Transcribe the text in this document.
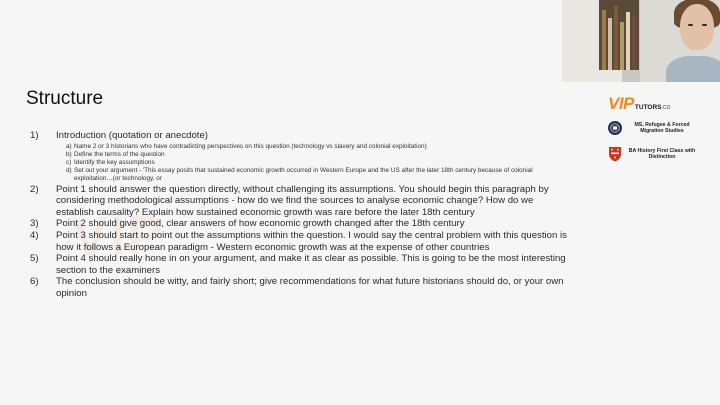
VIP
Structure
1) Introduction (quotation or anecdote)
a) Name 2 or 3 historians who have contradicting perspectives on this question (technology vs slavery and colonial exploitation)
b) Define the terms of the question
c) Identify the key assumptions
d) Set out your argument - 'This essay posits that sustained economic growth occurred in Western Europe and the US after the later 18th century because of colonial exploitation…(or technology, or
2) Point 1 should answer the question directly, without challenging its assumptions. You should begin this paragraph by considering methodological assumptions - how do we find the sources to analyse economic change? How do we establish causality? Explain how sustained economic growth was rare before the later 18th century
3) Point 2 should give good, clear answers of how economic growth changed after the 18th century
4) Point 3 should start to point out the assumptions within the question. I would say the central problem with this question is how it follows a European paradigm - Western economic growth was at the expense of other countries
5) Point 4 should really hone in on your argument, and make it as clear as possible. This is going to be the most interesting section to the examiners
6) The conclusion should be witty, and fairly short; give recommendations for what future historians should do, or your own opinion
VIPTUTORS.CO
MS, Refugee & Forced Migration Studies
BA History First Class with Distinction
